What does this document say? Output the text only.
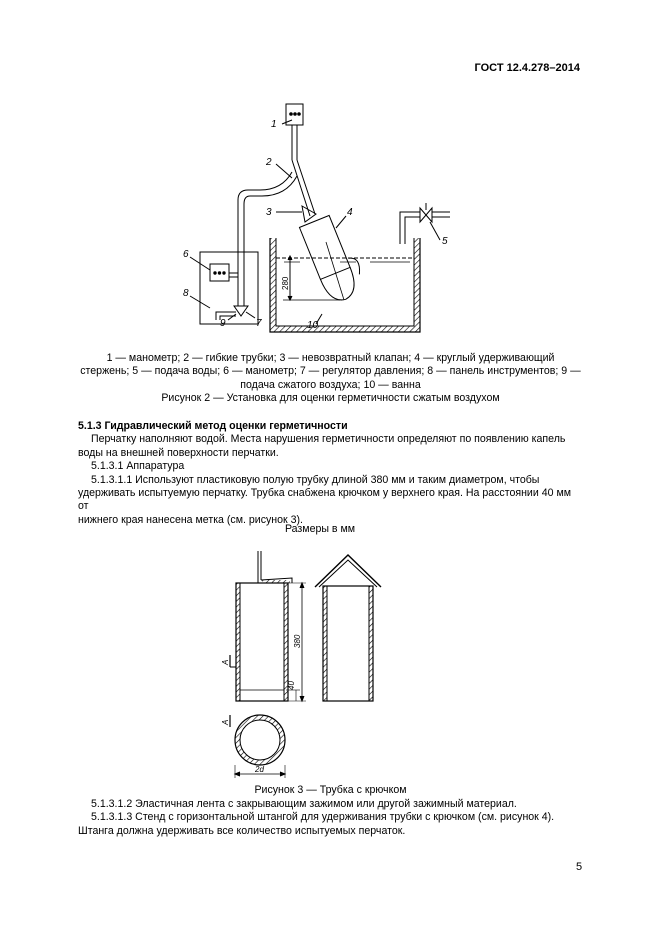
ГОСТ 12.4.278–2014
1
2
3	4
5
6
8
9	7	10
280
380
40
2d
A
A
1 — манометр; 2 — гибкие трубки; 3 — невозвратный клапан; 4 — круглый удерживающий
стержень; 5 — подача воды; 6 — манометр; 7 — регулятор давления; 8 — панель инструментов; 9 —
подача сжатого воздуха; 10 — ванна
Рисунок 2 — Установка для оценки герметичности сжатым воздухом
5.1.3 Гидравлический метод оценки герметичности
Перчатку наполняют водой. Места нарушения герметичности определяют по появлению капель
воды на внешней поверхности перчатки.
5.1.3.1 Аппаратура
5.1.3.1.1 Используют пластиковую полую трубку длиной 380 мм и таким диаметром, чтобы
удерживать испытуемую перчатку. Трубка снабжена крючком у верхнего края. На расстоянии 40 мм от
нижнего края нанесена метка (см. рисунок 3).
Размеры в мм
Рисунок 3 — Трубка с крючком
5.1.3.1.2 Эластичная лента с закрывающим зажимом или другой зажимный материал.
5.1.3.1.3 Стенд с горизонтальной штангой для удерживания трубки с крючком (см. рисунок 4).
Штанга должна удерживать все количество испытуемых перчаток.
5
